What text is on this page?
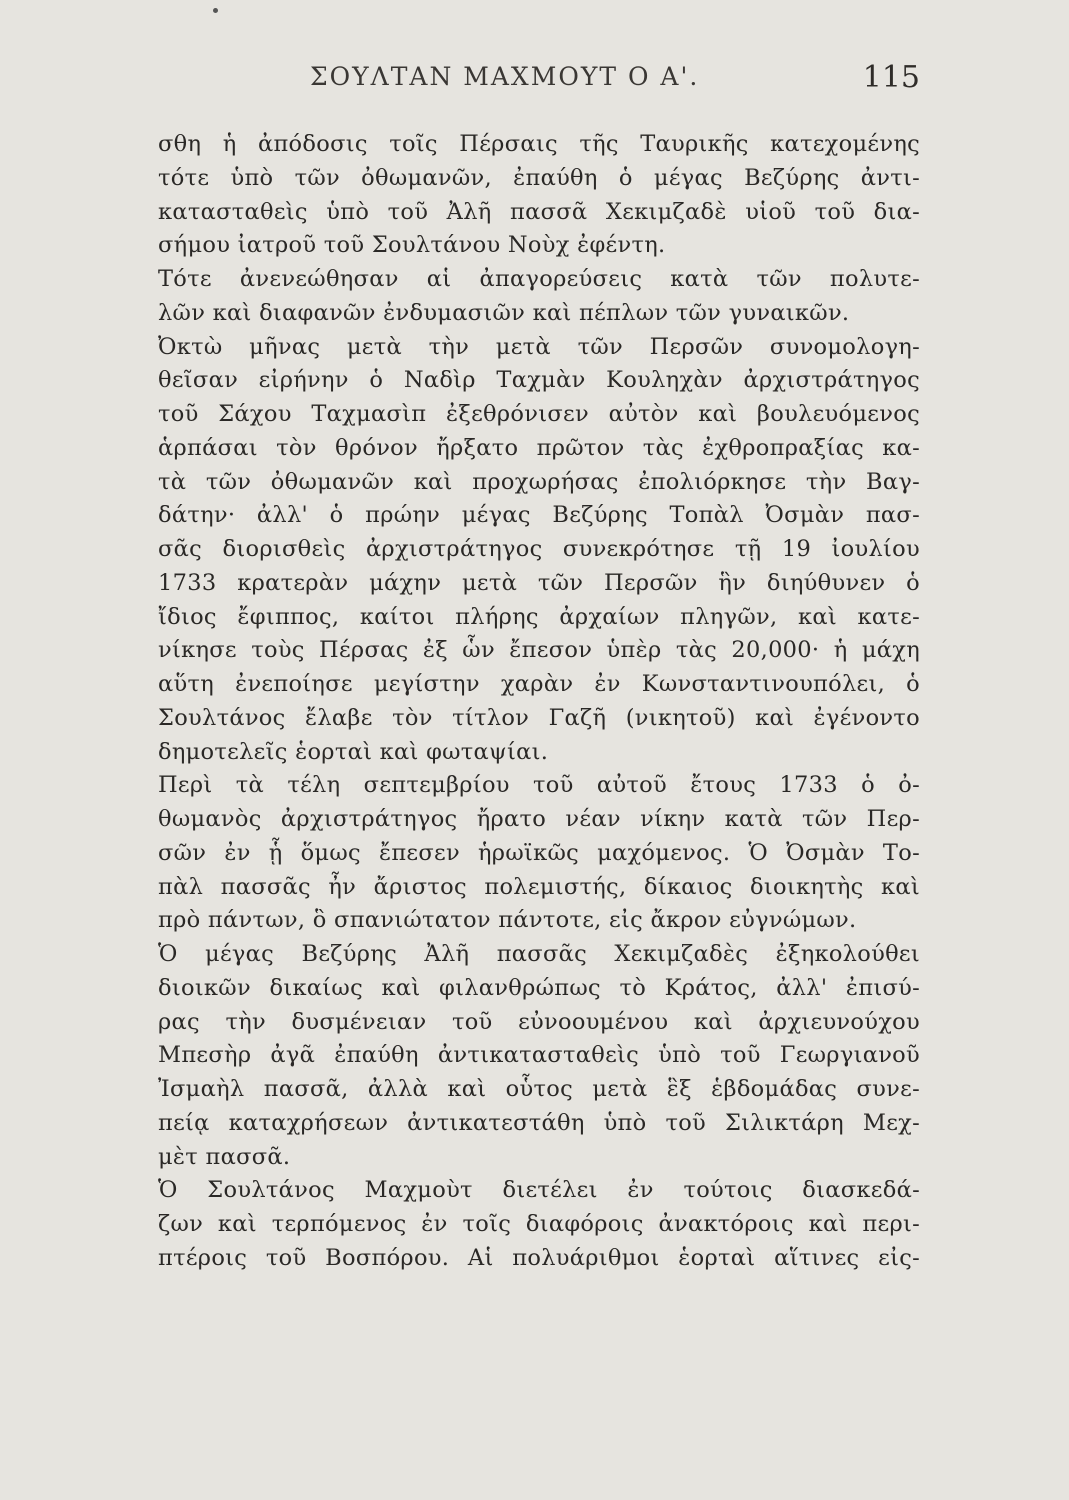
ΣΟΥΛΤΑΝ ΜΑΧΜΟΥΤ Ο Α'.	115
σθη ἡ ἀπόδοσις τοῖς Πέρσαις τῆς Ταυρικῆς κατεχομένης
τότε ὑπὸ τῶν ὀθωμανῶν, ἐπαύθη ὁ μέγας Βεζύρης ἀντι-
κατασταθεὶς ὑπὸ τοῦ Ἀλῆ πασσᾶ Χεκιμζαδὲ υἱοῦ τοῦ δια-
σήμου ἰατροῦ τοῦ Σουλτάνου Νοὺχ ἐφέντη.
Τότε ἀνενεώθησαν αἱ ἀπαγορεύσεις κατὰ τῶν πολυτε-
λῶν καὶ διαφανῶν ἐνδυμασιῶν καὶ πέπλων τῶν γυναικῶν.
Ὀκτὼ μῆνας μετὰ τὴν μετὰ τῶν Περσῶν συνομολογη-
θεῖσαν εἰρήνην ὁ Ναδὶρ Ταχμὰν Κουληχὰν ἀρχιστράτηγος
τοῦ Σάχου Ταχμασὶπ ἐξεθρόνισεν αὐτὸν καὶ βουλευόμενος
ἁρπάσαι τὸν θρόνον ἤρξατο πρῶτον τὰς ἐχθροπραξίας κα-
τὰ τῶν ὀθωμανῶν καὶ προχωρήσας ἐπολιόρκησε τὴν Βαγ-
δάτην· ἀλλ' ὁ πρώην μέγας Βεζύρης Τοπὰλ Ὀσμὰν πασ-
σᾶς διορισθεὶς ἀρχιστράτηγος συνεκρότησε τῇ 19 ἰουλίου
1733 κρατερὰν μάχην μετὰ τῶν Περσῶν ἣν διηύθυνεν ὁ
ἴδιος ἔφιππος, καίτοι πλήρης ἀρχαίων πληγῶν, καὶ κατε-
νίκησε τοὺς Πέρσας ἐξ ὧν ἔπεσον ὑπὲρ τὰς 20,000· ἡ μάχη
αὕτη ἐνεποίησε μεγίστην χαρὰν ἐν Κωνσταντινουπόλει, ὁ
Σουλτάνος ἔλαβε τὸν τίτλον Γαζῆ (νικητοῦ) καὶ ἐγένοντο
δημοτελεῖς ἑορταὶ καὶ φωταψίαι.
Περὶ τὰ τέλη σεπτεμβρίου τοῦ αὐτοῦ ἔτους 1733 ὁ ὀ-
θωμανὸς ἀρχιστράτηγος ἤρατο νέαν νίκην κατὰ τῶν Περ-
σῶν ἐν ᾗ ὅμως ἔπεσεν ἡρωϊκῶς μαχόμενος. Ὁ Ὀσμὰν Το-
πὰλ πασσᾶς ἦν ἄριστος πολεμιστής, δίκαιος διοικητὴς καὶ
πρὸ πάντων, ὃ σπανιώτατον πάντοτε, εἰς ἄκρον εὐγνώμων.
Ὁ μέγας Βεζύρης Ἀλῆ πασσᾶς Χεκιμζαδὲς ἐξηκολούθει
διοικῶν δικαίως καὶ φιλανθρώπως τὸ Κράτος, ἀλλ' ἐπισύ-
ρας τὴν δυσμένειαν τοῦ εὐνοουμένου καὶ ἀρχιευνούχου
Μπεσὴρ ἀγᾶ ἐπαύθη ἀντικατασταθεὶς ὑπὸ τοῦ Γεωργιανοῦ
Ἰσμαὴλ πασσᾶ, ἀλλὰ καὶ οὗτος μετὰ ἓξ ἑβδομάδας συνε-
πείᾳ καταχρήσεων ἀντικατεστάθη ὑπὸ τοῦ Σιλικτάρη Μεχ-
μὲτ πασσᾶ.
Ὁ Σουλτάνος Μαχμοὺτ διετέλει ἐν τούτοις διασκεδά-
ζων καὶ τερπόμενος ἐν τοῖς διαφόροις ἀνακτόροις καὶ περι-
πτέροις τοῦ Βοσπόρου. Αἱ πολυάριθμοι ἑορταὶ αἵτινες εἰς-
